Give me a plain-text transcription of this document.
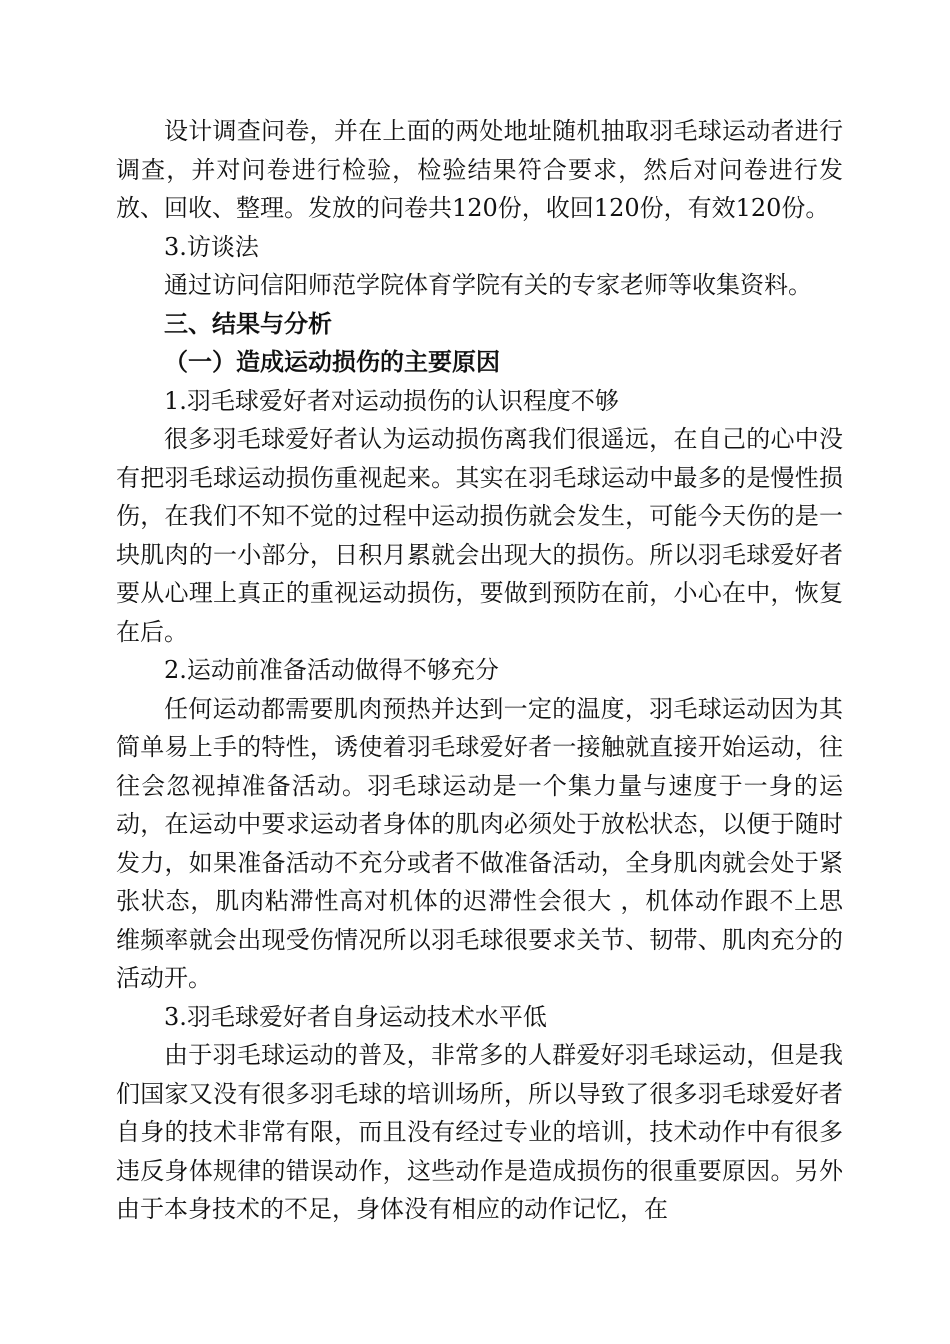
设计调查问卷，并在上面的两处地址随机抽取羽毛球运动者进行调查，并对问卷进行检验，检验结果符合要求，然后对问卷进行发放、回收、整理。发放的问卷共120份，收回120份，有效120份。

3.访谈法

通过访问信阳师范学院体育学院有关的专家老师等收集资料。

三、结果与分析

（一）造成运动损伤的主要原因

1.羽毛球爱好者对运动损伤的认识程度不够

很多羽毛球爱好者认为运动损伤离我们很遥远，在自己的心中没有把羽毛球运动损伤重视起来。其实在羽毛球运动中最多的是慢性损伤，在我们不知不觉的过程中运动损伤就会发生，可能今天伤的是一块肌肉的一小部分，日积月累就会出现大的损伤。所以羽毛球爱好者要从心理上真正的重视运动损伤，要做到预防在前，小心在中，恢复在后。

2.运动前准备活动做得不够充分

任何运动都需要肌肉预热并达到一定的温度，羽毛球运动因为其简单易上手的特性，诱使着羽毛球爱好者一接触就直接开始运动，往往会忽视掉准备活动。羽毛球运动是一个集力量与速度于一身的运动，在运动中要求运动者身体的肌肉必须处于放松状态，以便于随时发力，如果准备活动不充分或者不做准备活动，全身肌肉就会处于紧张状态，肌肉粘滞性高对机体的迟滞性会很大 ，机体动作跟不上思维频率就会出现受伤情况所以羽毛球很要求关节、韧带、肌肉充分的活动开。

3.羽毛球爱好者自身运动技术水平低

由于羽毛球运动的普及，非常多的人群爱好羽毛球运动，但是我们国家又没有很多羽毛球的培训场所，所以导致了很多羽毛球爱好者自身的技术非常有限，而且没有经过专业的培训，技术动作中有很多违反身体规律的错误动作，这些动作是造成损伤的很重要原因。另外由于本身技术的不足，身体没有相应的动作记忆，在
